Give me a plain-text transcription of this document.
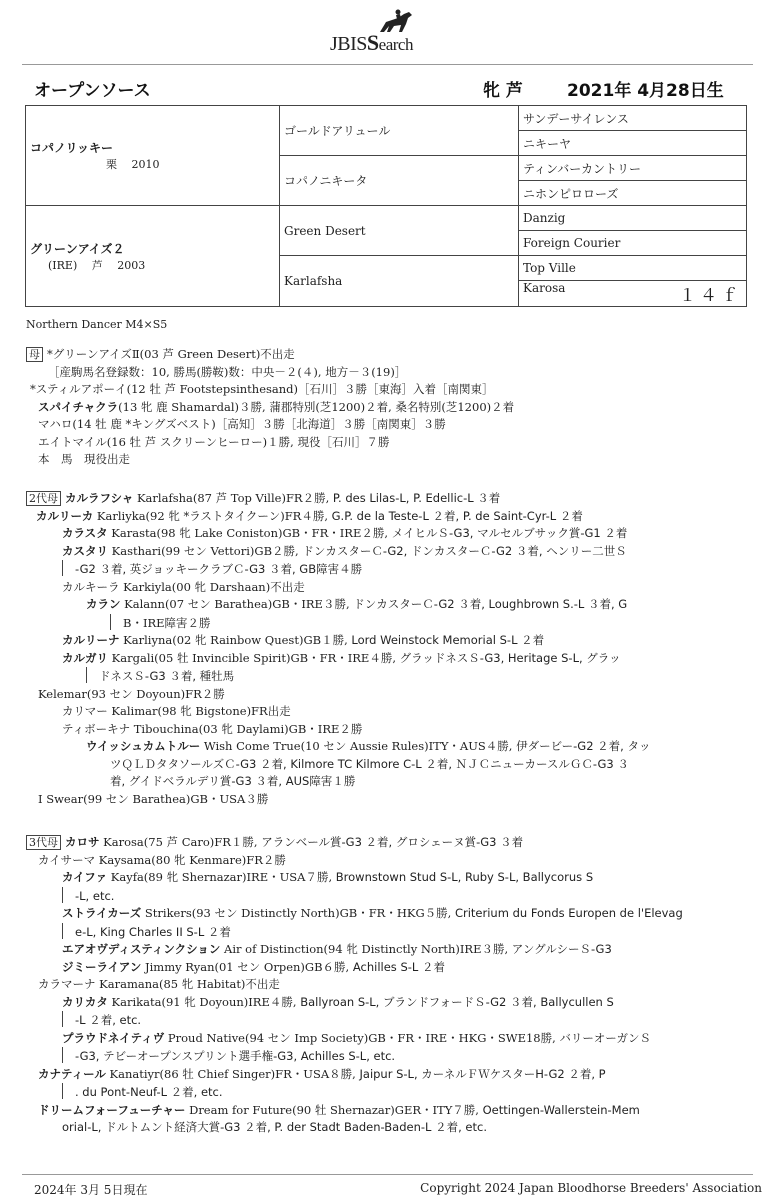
JBISSearch
オープンソース	牝 芦	2021年 4月28日生
コパノリッキー
栗　 2010	ゴールドアリュール	サンデーサイレンス
		ニキーヤ
	コパノニキータ	ティンバーカントリー
		ニホンピロローズ

グリーンアイズ２
(IRE)　 芦　 2003	Green Desert	Danzig
		Foreign Courier
	Karlafsha	Top Ville
		Karosa １４ｆ
Northern Dancer M4×S5
母 *グリーンアイズⅡ(03 芦 Green Desert)不出走
［産駒馬名登録数：10, 勝馬(勝鞍)数：中央－２(４), 地方－３(19)］
*スティルアポーイ(12 牡 芦 Footstepsinthesand)［石川］３勝［東海］入着［南関東］
スパイチャクラ(13 牝 鹿 Shamardal)３勝, 蒲郡特別(芝1200)２着, 桑名特別(芝1200)２着
マハロ(14 牡 鹿 *キングズベスト)［高知］３勝［北海道］３勝［南関東］３勝
エイトマイル(16 牡 芦 スクリーンヒーロー)１勝, 現役［石川］７勝
本　馬　現役出走
2代母 カルラフシャ Karlafsha(87 芦 Top Ville)FR２勝, P. des Lilas-L, P. Edellic-L ３着
カルリーカ Karliyka(92 牝 *ラストタイクーン)FR４勝, G.P. de la Teste-L ２着, P. de Saint-Cyr-L ２着
カラスタ Karasta(98 牝 Lake Coniston)GB・FR・IRE２勝, メイヒルＳ-G3, マルセルブサック賞-G1 ２着
カスタリ Kasthari(99 セン Vettori)GB２勝, ドンカスターＣ-G2, ドンカスターＣ-G2 ３着, ヘンリー二世Ｓ
-G2 ３着, 英ジョッキークラブＣ-G3 ３着, GB障害４勝
カルキーラ Karkiyla(00 牝 Darshaan)不出走
カラン Kalann(07 セン Barathea)GB・IRE３勝, ドンカスターＣ-G2 ３着, Loughbrown S.-L ３着, G
B・IRE障害２勝
カルリーナ Karliyna(02 牝 Rainbow Quest)GB１勝, Lord Weinstock Memorial S-L ２着
カルガリ Kargali(05 牡 Invincible Spirit)GB・FR・IRE４勝, グラッドネスＳ-G3, Heritage S-L, グラッ
ドネスＳ-G3 ３着, 種牡馬
Kelemar(93 セン Doyoun)FR２勝
カリマー Kalimar(98 牝 Bigstone)FR出走
ティボーキナ Tibouchina(03 牝 Daylami)GB・IRE２勝
ウイッシュカムトルー Wish Come True(10 セン Aussie Rules)ITY・AUS４勝, 伊ダービー-G2 ２着, タッ
ツＱＬＤタタソールズＣ-G3 ２着, Kilmore TC Kilmore C-L ２着, ＮＪＣニューカースルＧＣ-G3 ３
着, グイドベラルデリ賞-G3 ３着, AUS障害１勝
I Swear(99 セン Barathea)GB・USA３勝
3代母 カロサ Karosa(75 芦 Caro)FR１勝, アランベール賞-G3 ２着, グロシェーヌ賞-G3 ３着
カイサーマ Kaysama(80 牝 Kenmare)FR２勝
カイファ Kayfa(89 牝 Shernazar)IRE・USA７勝, Brownstown Stud S-L, Ruby S-L, Ballycorus S
-L, etc.
ストライカーズ Strikers(93 セン Distinctly North)GB・FR・HKG５勝, Criterium du Fonds Europen de l'Elevag
e-L, King Charles II S-L ２着
エアオヴディスティンクション Air of Distinction(94 牝 Distinctly North)IRE３勝, アングルシーＳ-G3
ジミーライアン Jimmy Ryan(01 セン Orpen)GB６勝, Achilles S-L ２着
カラマーナ Karamana(85 牝 Habitat)不出走
カリカタ Karikata(91 牝 Doyoun)IRE４勝, Ballyroan S-L, ブランドフォードＳ-G2 ３着, Ballycullen S
-L ２着, etc.
プラウドネイティヴ Proud Native(94 セン Imp Society)GB・FR・IRE・HKG・SWE18勝, バリーオーガンＳ
-G3, テビーオープンスプリント選手権-G3, Achilles S-L, etc.
カナティール Kanatiyr(86 牡 Chief Singer)FR・USA８勝, Jaipur S-L, カーネルＦＷケスターH-G2 ２着, P
. du Pont-Neuf-L ２着, etc.
ドリームフォーフューチャー Dream for Future(90 牡 Shernazar)GER・ITY７勝, Oettingen-Wallerstein-Mem
orial-L, ドルトムント経済大賞-G3 ２着, P. der Stadt Baden-Baden-L ２着, etc.
2024年 3月 5日現在	Copyright 2024 Japan Bloodhorse Breeders' Association
